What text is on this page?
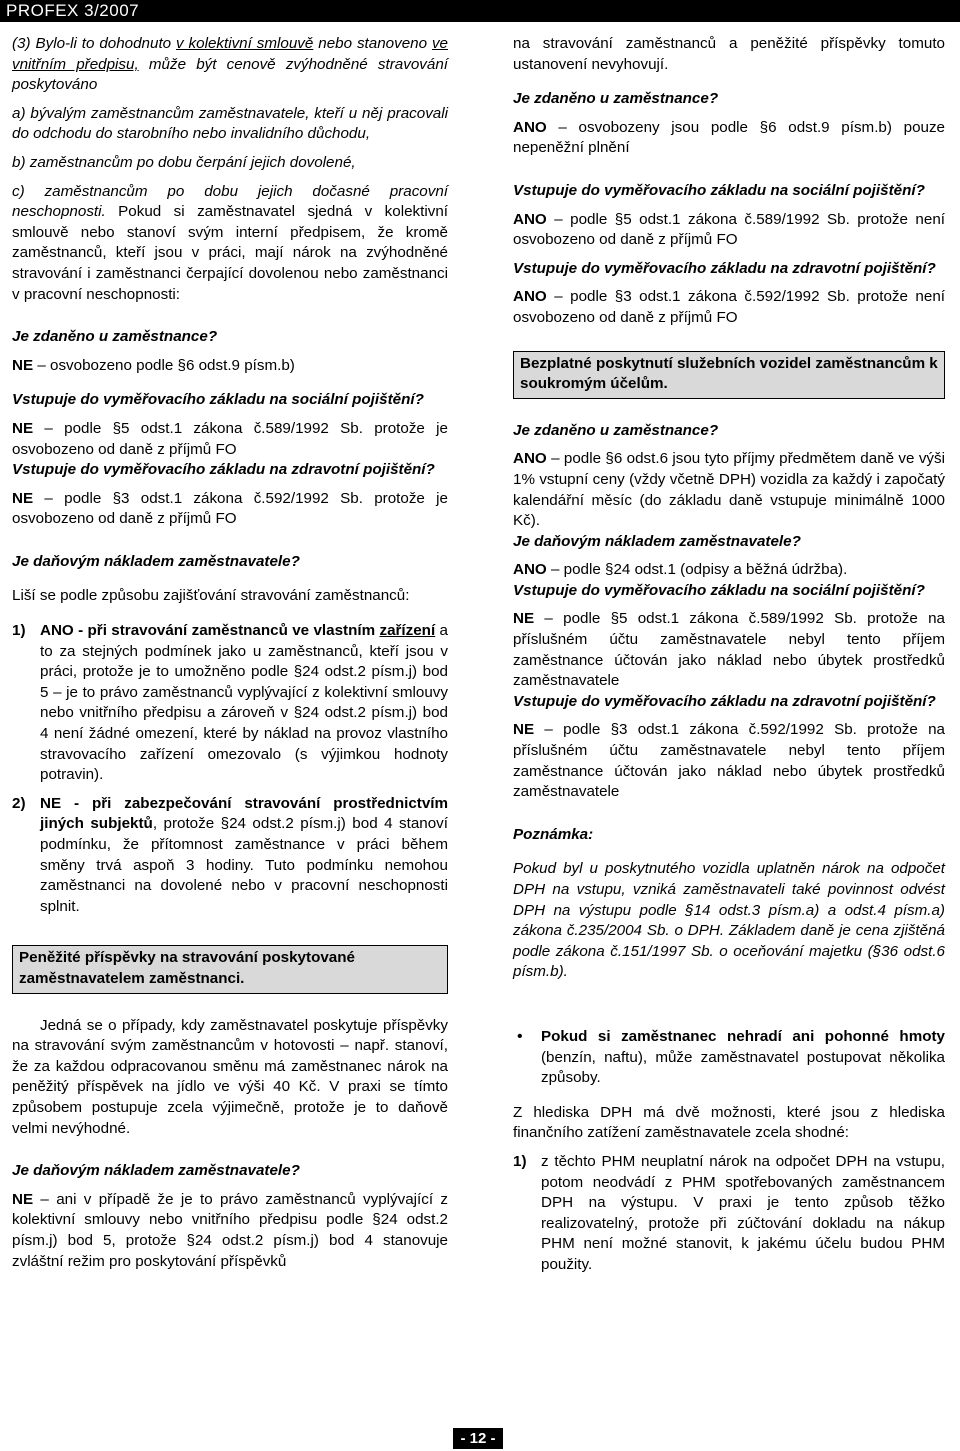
PROFEX 3/2007

(3) Bylo-li to dohodnuto v kolektivní smlouvě nebo stanoveno ve vnitřním předpisu, může být cenově zvýhodněné stravování poskytováno

a) bývalým zaměstnancům zaměstnavatele, kteří u něj pracovali do odchodu do starobního nebo invalidního důchodu,

b) zaměstnancům po dobu čerpání jejich dovolené,

c) zaměstnancům po dobu jejich dočasné pracovní neschopnosti. Pokud si zaměstnavatel sjedná v kolektivní smlouvě nebo stanoví svým interní předpisem, že kromě zaměstnanců, kteří jsou v práci, mají nárok na zvýhodněné stravování i zaměstnanci čerpající dovolenou nebo zaměstnanci v pracovní neschopnosti:

Je zdaněno u zaměstnance?

NE – osvobozeno podle §6 odst.9 písm.b)

Vstupuje do vyměřovacího základu na sociální pojištění?

NE – podle §5 odst.1 zákona č.589/1992 Sb. protože je osvobozeno od daně z příjmů FO

Vstupuje do vyměřovacího základu na zdravotní pojištění?

NE – podle §3 odst.1 zákona č.592/1992 Sb. protože je osvobozeno od daně z příjmů FO

Je daňovým nákladem zaměstnavatele?

Liší se podle způsobu zajišťování stravování zaměstnanců:

1) ANO - při stravování zaměstnanců ve vlastním zařízení a to za stejných podmínek jako u zaměstnanců, kteří jsou v práci, protože je to umožněno podle §24 odst.2 písm.j) bod 5 – je to právo zaměstnanců vyplývající z kolektivní smlouvy nebo vnitřního předpisu a zároveň v §24 odst.2 písm.j) bod 4 není žádné omezení, které by náklad na provoz vlastního stravovacího zařízení omezovalo (s výjimkou hodnoty potravin).

2) NE - při zabezpečování stravování prostřednictvím jiných subjektů, protože §24 odst.2 písm.j) bod 4 stanoví podmínku, že přítomnost zaměstnance v práci během směny trvá aspoň 3 hodiny. Tuto podmínku nemohou zaměstnanci na dovolené nebo v pracovní neschopnosti splnit.

Peněžité příspěvky na stravování poskytované zaměstnavatelem zaměstnanci.

Jedná se o případy, kdy zaměstnavatel poskytuje příspěvky na stravování svým zaměstnancům v hotovosti – např. stanoví, že za každou odpracovanou směnu má zaměstnanec nárok na peněžitý příspěvek na jídlo ve výši 40 Kč. V praxi se tímto způsobem postupuje zcela výjimečně, protože je to daňově velmi nevýhodné.

Je daňovým nákladem zaměstnavatele?

NE – ani v případě že je to právo zaměstnanců vyplývající z kolektivní smlouvy nebo vnitřního předpisu podle §24 odst.2 písm.j) bod 5, protože §24 odst.2 písm.j) bod 4 stanovuje zvláštní režim pro poskytování příspěvků

na stravování zaměstnanců a peněžité příspěvky tomuto ustanovení nevyhovují.

Je zdaněno u zaměstnance?

ANO – osvobozeny jsou podle §6 odst.9 písm.b) pouze nepeněžní plnění

Vstupuje do vyměřovacího základu na sociální pojištění?

ANO – podle §5 odst.1 zákona č.589/1992 Sb. protože není osvobozeno od daně z příjmů FO

Vstupuje do vyměřovacího základu na zdravotní pojištění?

ANO – podle §3 odst.1 zákona č.592/1992 Sb. protože není osvobozeno od daně z příjmů FO

Bezplatné poskytnutí služebních vozidel zaměstnancům k soukromým účelům.

Je zdaněno u zaměstnance?

ANO – podle §6 odst.6 jsou tyto příjmy předmětem daně ve výši 1% vstupní ceny (vždy včetně DPH) vozidla za každý i započatý kalendářní měsíc (do základu daně vstupuje minimálně 1000 Kč).

Je daňovým nákladem zaměstnavatele?

ANO – podle §24 odst.1 (odpisy a běžná údržba).

Vstupuje do vyměřovacího základu na sociální pojištění?

NE – podle §5 odst.1 zákona č.589/1992 Sb. protože na příslušném účtu zaměstnavatele nebyl tento příjem zaměstnance účtován jako náklad nebo úbytek prostředků zaměstnavatele

Vstupuje do vyměřovacího základu na zdravotní pojištění?

NE – podle §3 odst.1 zákona č.592/1992 Sb. protože na příslušném účtu zaměstnavatele nebyl tento příjem zaměstnance účtován jako náklad nebo úbytek prostředků zaměstnavatele

Poznámka:

Pokud byl u poskytnutého vozidla uplatněn nárok na odpočet DPH na vstupu, vzniká zaměstnavateli také povinnost odvést DPH na výstupu podle §14 odst.3 písm.a) a odst.4 písm.a) zákona č.235/2004 Sb. o DPH. Základem daně je cena zjištěná podle zákona č.151/1997 Sb. o oceňování majetku (§36 odst.6 písm.b).

• Pokud si zaměstnanec nehradí ani pohonné hmoty (benzín, naftu), může zaměstnavatel postupovat několika způsoby.

Z hlediska DPH má dvě možnosti, které jsou z hlediska finančního zatížení zaměstnavatele zcela shodné:

1) z těchto PHM neuplatní nárok na odpočet DPH na vstupu, potom neodvádí z PHM spotřebovaných zaměstnancem DPH na výstupu. V praxi je tento způsob těžko realizovatelný, protože při zúčtování dokladu na nákup PHM není možné stanovit, k jakému účelu budou PHM použity.

- 12 -
